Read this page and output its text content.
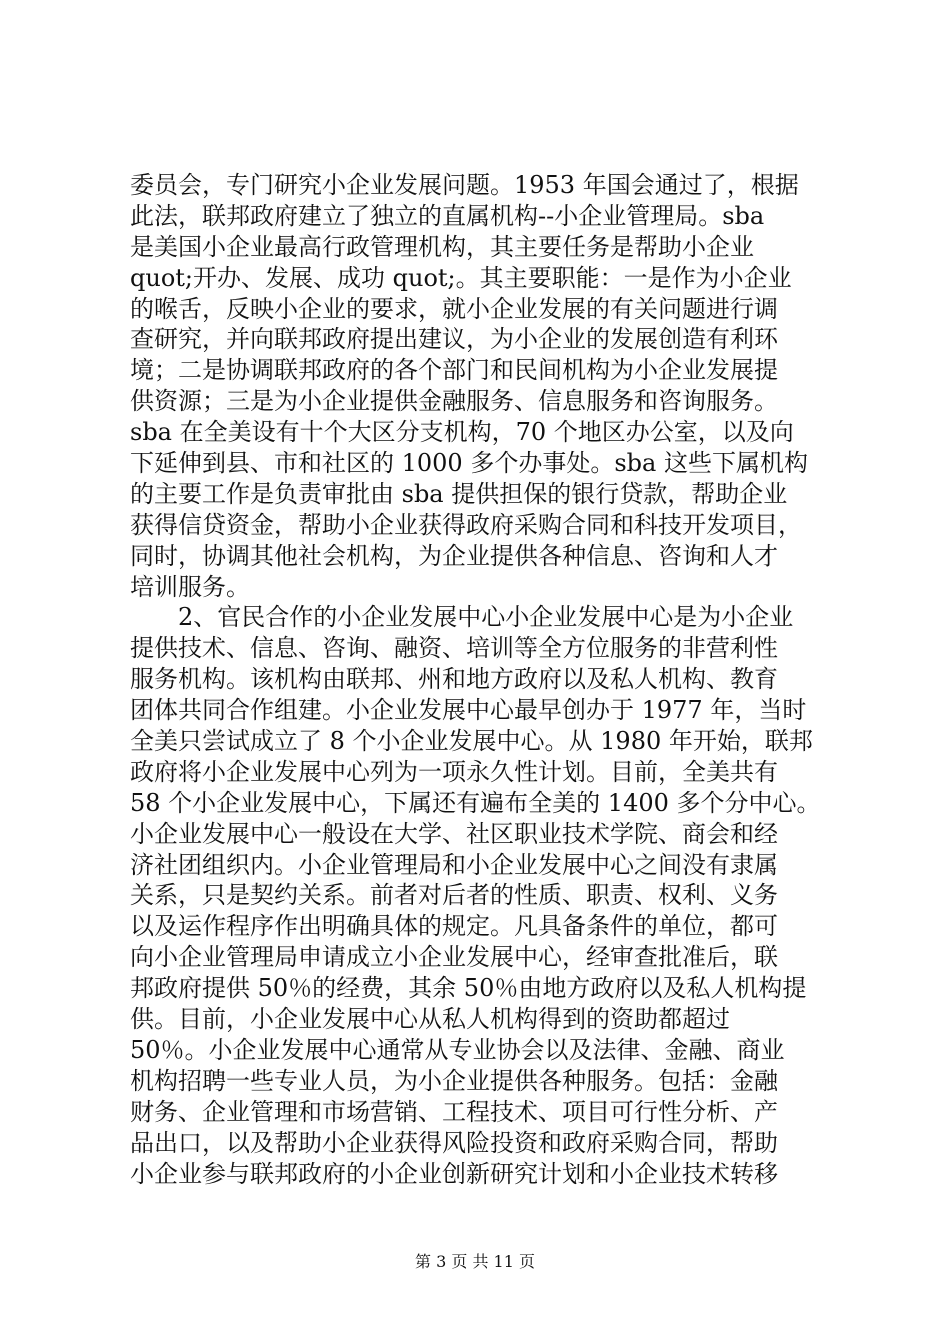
委员会，专门研究小企业发展问题。1953 年国会通过了，根据
此法，联邦政府建立了独立的直属机构--小企业管理局。sba
是美国小企业最高行政管理机构，其主要任务是帮助小企业
quot;开办、发展、成功 quot;。其主要职能：一是作为小企业
的喉舌，反映小企业的要求，就小企业发展的有关问题进行调
查研究，并向联邦政府提出建议，为小企业的发展创造有利环
境；二是协调联邦政府的各个部门和民间机构为小企业发展提
供资源；三是为小企业提供金融服务、信息服务和咨询服务。
sba 在全美设有十个大区分支机构，70 个地区办公室，以及向
下延伸到县、市和社区的 1000 多个办事处。sba 这些下属机构
的主要工作是负责审批由 sba 提供担保的银行贷款，帮助企业
获得信贷资金，帮助小企业获得政府采购合同和科技开发项目，
同时，协调其他社会机构，为企业提供各种信息、咨询和人才
培训服务。
　　2、官民合作的小企业发展中心小企业发展中心是为小企业
提供技术、信息、咨询、融资、培训等全方位服务的非营利性
服务机构。该机构由联邦、州和地方政府以及私人机构、教育
团体共同合作组建。小企业发展中心最早创办于 1977 年，当时
全美只尝试成立了 8 个小企业发展中心。从 1980 年开始，联邦
政府将小企业发展中心列为一项永久性计划。目前，全美共有
58 个小企业发展中心，下属还有遍布全美的 1400 多个分中心。
小企业发展中心一般设在大学、社区职业技术学院、商会和经
济社团组织内。小企业管理局和小企业发展中心之间没有隶属
关系，只是契约关系。前者对后者的性质、职责、权利、义务
以及运作程序作出明确具体的规定。凡具备条件的单位，都可
向小企业管理局申请成立小企业发展中心，经审查批准后，联
邦政府提供 50％的经费，其余 50％由地方政府以及私人机构提
供。目前，小企业发展中心从私人机构得到的资助都超过
50％。小企业发展中心通常从专业协会以及法律、金融、商业
机构招聘一些专业人员，为小企业提供各种服务。包括：金融
财务、企业管理和市场营销、工程技术、项目可行性分析、产
品出口，以及帮助小企业获得风险投资和政府采购合同，帮助
小企业参与联邦政府的小企业创新研究计划和小企业技术转移
第 3 页 共 11 页
